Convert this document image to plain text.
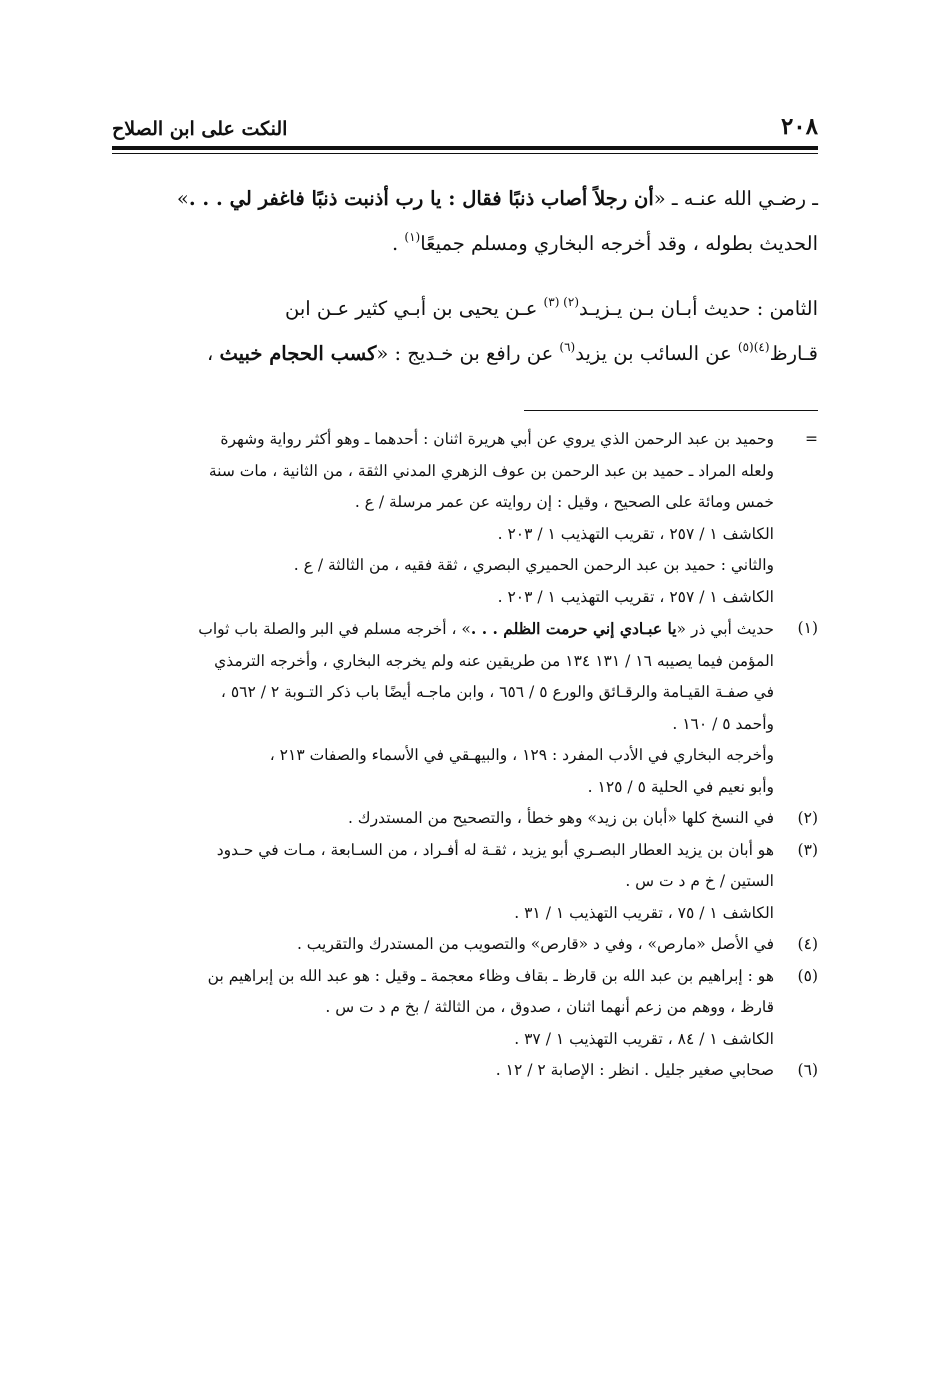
٢٠٨
النكت على ابن الصلاح

ـ رضـي الله عنـه ـ «أن رجلاً أصاب ذنبًا فقال : يا رب أذنبت ذنبًا فاغفر لي . . .»

الحديث بطوله ، وقد أخرجه البخاري ومسلم جميعًا$^{(١)}$ .

الثامن : حديث أبـان بـن يـزيـد$^{(٢) (٣)}$ عـن يحيى بن أبـي كثير عـن ابن

قـارظ$^{(٤)(٥)}$ عن السائب بن يزيد$^{(٦)}$ عن رافع بن خـديج : «كسب الحجام خبيث ،

=
وحميد بن عبد الرحمن الذي يروي عن أبي هريرة اثنان : أحدهما ـ وهو أكثر رواية وشهرة
ولعله المراد ـ حميد بن عبد الرحمن بن عوف الزهري المدني الثقة ، من الثانية ، مات سنة
خمس ومائة على الصحيح ، وقيل : إن روايته عن عمر مرسلة / ع .
الكاشف ١ / ٢٥٧ ، تقريب التهذيب ١ / ٢٠٣ .
والثاني : حميد بن عبد الرحمن الحميري البصري ، ثقة فقيه ، من الثالثة / ع .
الكاشف ١ / ٢٥٧ ، تقريب التهذيب ١ / ٢٠٣ .
(١)
حديث أبي ذر «يا عبـادي إني حرمت الظلم . . .» ، أخرجه مسلم في البر والصلة باب ثواب
المؤمن فيما يصيبه ١٦ / ١٣١ ١٣٤ من طريقين عنه ولم يخرجه البخاري ، وأخرجه الترمذي
في صفـة القيـامة والرقـائق والورع ٥ / ٦٥٦ ، وابن ماجـه أيضًا باب ذكر التـوبة ٢ / ٥٦٢ ،
وأحمد ٥ / ١٦٠ .
وأخرجه البخاري في الأدب المفرد : ١٢٩ ، والبيهـقي في الأسماء والصفات ٢١٣ ،
وأبو نعيم في الحلية ٥ / ١٢٥ .
(٢)
في النسخ كلها «أبان بن زيد» وهو خطأ ، والتصحيح من المستدرك .
(٣)
هو أبان بن يزيد العطار البصـري أبو يزيد ، ثقـة له أفـراد ، من السـابعة ، مـات في حـدود
الستين / خ م د ت س .
الكاشف ١ / ٧٥ ، تقريب التهذيب ١ / ٣١ .
(٤)
في الأصل «مارص» ، وفي د «قارص» والتصويب من المستدرك والتقريب .
(٥)
هو : إبراهيم بن عبد الله بن قارظ ـ بقاف وظاء معجمة ـ وقيل : هو عبد الله بن إبراهيم بن
قارظ ، ووهم من زعم أنهما اثنان ، صدوق ، من الثالثة / بخ م د ت س .
الكاشف ١ / ٨٤ ، تقريب التهذيب ١ / ٣٧ .
(٦)
صحابي صغير جليل . انظر : الإصابة ٢ / ١٢ .
